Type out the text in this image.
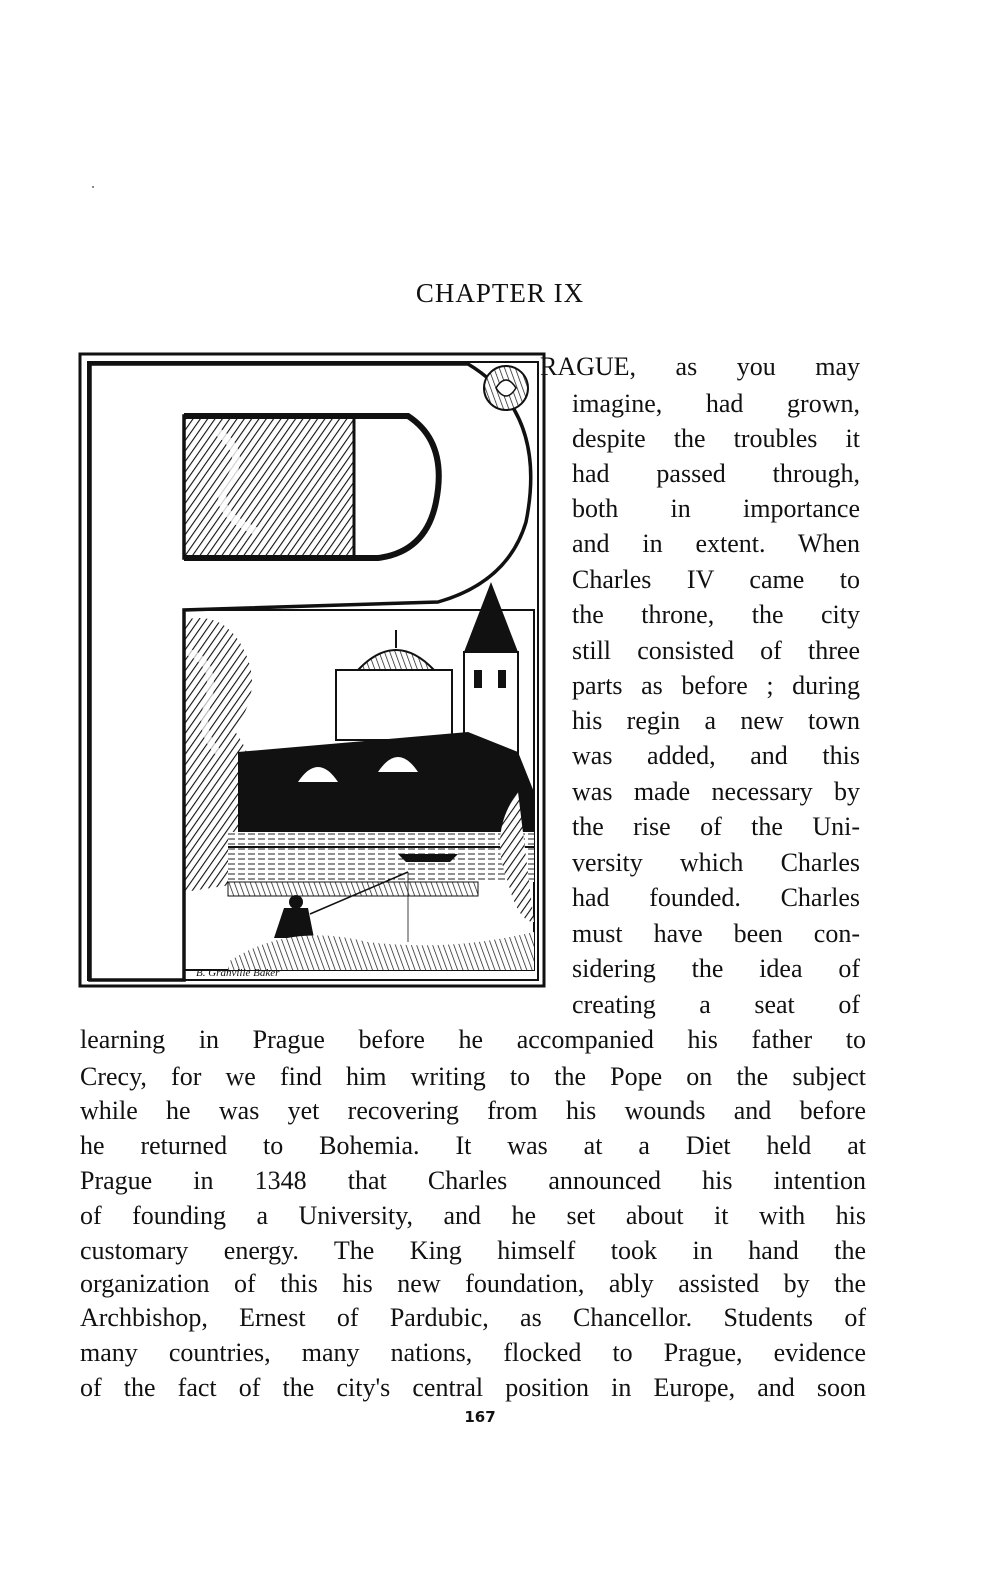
CHAPTER IX
B. Granville Baker
RAGUE, as you may
imagine, had grown,
despite the troubles it
had passed through,
both in importance
and in extent. When
Charles IV came to
the throne, the city
still consisted of three
parts as before ; during
his regin a new town
was added, and this
was made necessary by
the rise of the Uni-
versity which Charles
had founded. Charles
must have been con-
sidering the idea of
creating a seat of
learning in Prague before he accompanied his father to
Crecy, for we find him writing to the Pope on the subject
while he was yet recovering from his wounds and before
he returned to Bohemia. It was at a Diet held at
Prague in 1348 that Charles announced his intention
of founding a University, and he set about it with his
customary energy. The King himself took in hand the
organization of this his new foundation, ably assisted by the
Archbishop, Ernest of Pardubic, as Chancellor. Students of
many countries, many nations, flocked to Prague, evidence
of the fact of the city's central position in Europe, and soon
167
